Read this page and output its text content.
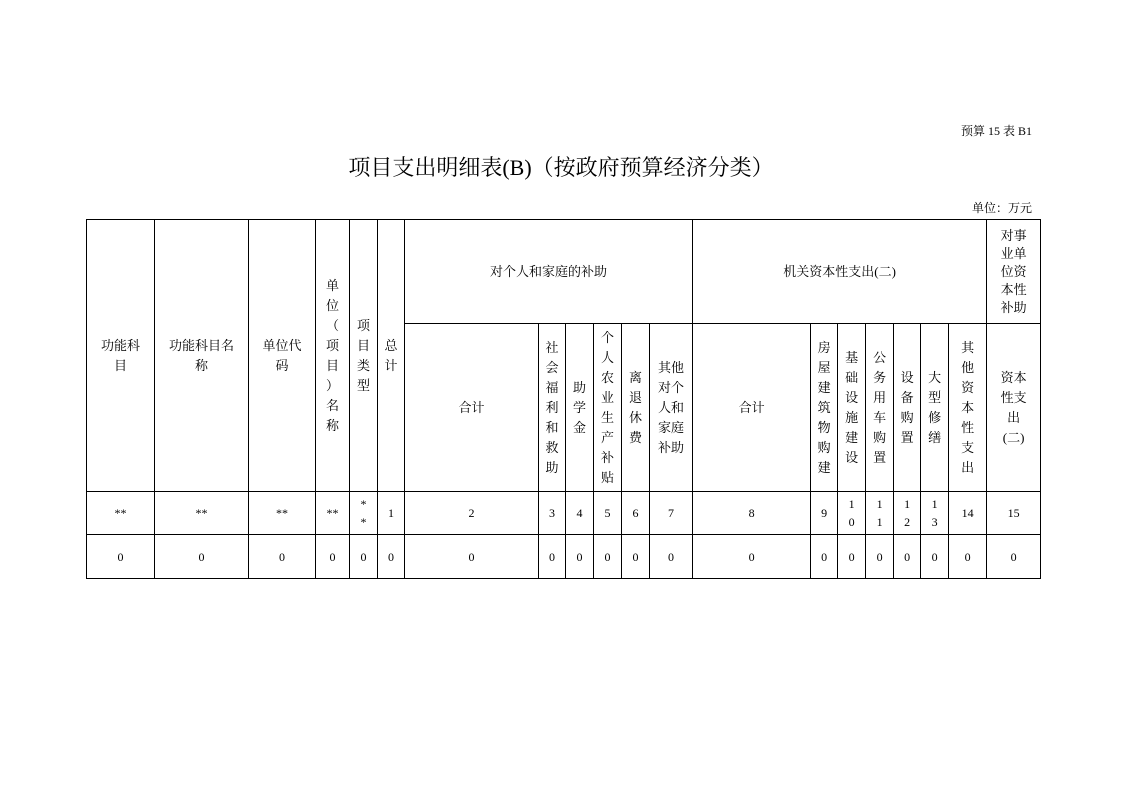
预算 15 表 B1
项目支出明细表(B)（按政府预算经济分类）
单位：万元
功能科目	功能科目名称	单位代码	单位（项目）名称	项目类型	总计	对个人和家庭的补助						机关资本性支出(二)							对事业单位资本性补助

						合计	社会福利和救助	助学金	个人农业生产补贴	离退休费	其他对个人和家庭补助	合计	房屋建筑物购建	基础设施建设	公务用车购置	设备购置	大型修缮	其他资本性支出	资本性支出(二)

**	**	**	**	**	1	2	3	4	5	6	7	8	9	10	11	12	13	14	15
0	0	0	0	0	0	0	0	0	0	0	0	0	0	0	0	0	0	0	0
